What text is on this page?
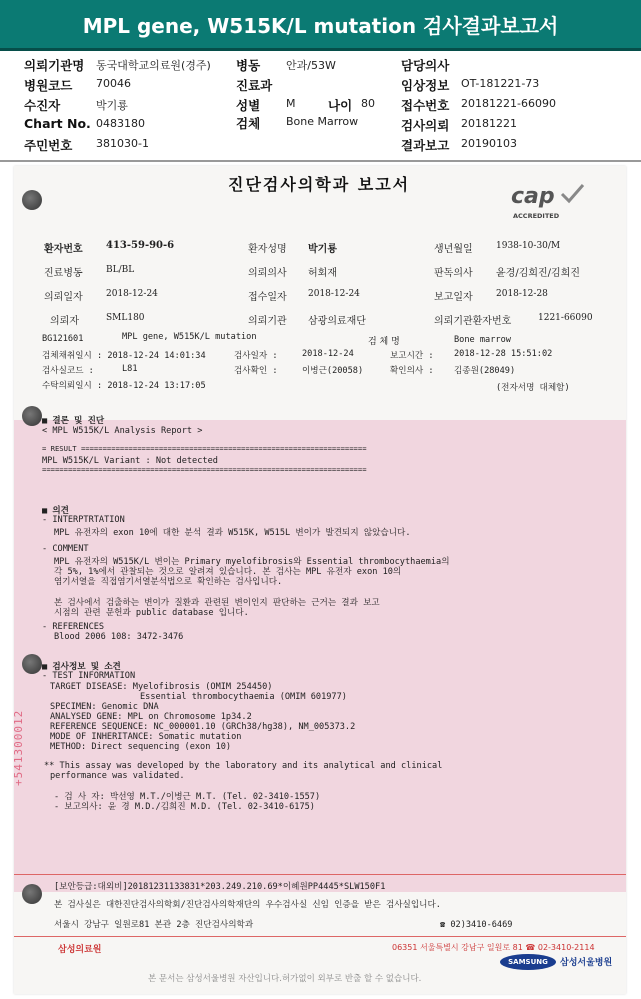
MPL gene, W515K/L mutation 검사결과보고서
의뢰기관명 동국대학교의료원(경주) 병동 안과/53W	담당의사
병원코드 70046	진료과	임상정보 OT-181221-73
수진자	박기룡	성별 M	나이 80 접수번호 20181221-66090
Chart No. 0483180	검체 Bone Marrow	검사의뢰 20181221
주민번호 381030-1	결과보고 20190103
진단검사의학과 보고서	cap
ACCREDITED
환자번호 413-59-90-6	환자성명 박기룡	생년월일	1938-10-30/M
진료병동	BL/BL	의뢰의사 허회재	판독의사 윤경/김희진/김희진
의뢰일자	2018-12-24	접수일자 2018-12-24	보고일자	2018-12-28
의뢰자	SML180	의뢰기관 삼광의료재단	의뢰기관환자번호	1221-66090
BG121601	MPL gene, W515K/L mutation	검 체 명	Bone marrow
검체채취일시 : 2018-12-24 14:01:34	검사일자 :	2018-12-24	보고시간 : 2018-12-28 15:51:02
검사실코드 :	L81	검사확인 :	이병근(20058)	확인의사 : 김종원(28049)
수탁의뢰일시 : 2018-12-24 13:17:05	(전자서명 대체함)
■ 결론 및 진단
< MPL W515K/L Analysis Report >
= RESULT ==================================================================
MPL W515K/L Variant : Not detected
===========================================================================
■ 의견
- INTERPTRTATION
MPL 유전자의 exon 10에 대한 분석 결과 W515K, W515L 변이가 발견되지 않았습니다.
- COMMENT
MPL 유전자의 W515K/L 변이는 Primary myelofibrosis와 Essential thrombocythaemia의
각 5%, 1%에서 관찰되는 것으로 알려져 있습니다. 본 검사는 MPL 유전자 exon 10의
염기서열을 직접염기서열분석법으로 확인하는 검사입니다.
본 검사에서 검출하는 변이가 질환과 관련된 변이인지 판단하는 근거는 결과 보고
시점의 관련 문헌과 public database 입니다.
- REFERENCES
Blood 2006 108: 3472-3476
■ 검사정보 및 소견
- TEST INFORMATION
TARGET DISEASE: Myelofibrosis (OMIM 254450)
Essential thrombocythaemia (OMIM 601977)
SPECIMEN: Genomic DNA
ANALYSED GENE: MPL on Chromosome 1p34.2
REFERENCE SEQUENCE: NC_000001.10 (GRCh38/hg38), NM_005373.2
MODE OF INHERITANCE: Somatic mutation
METHOD: Direct sequencing (exon 10)
** This assay was developed by the laboratory and its analytical and clinical
performance was validated.
- 검 사 자: 박선영 M.T./이병근 M.T. (Tel. 02-3410-1557)
- 보고의사: 윤 경 M.D./김희진 M.D. (Tel. 02-3410-6175)
+541300012
[보안등급:대외비]20181231133831*203.249.210.69*이혜원PP4445*SLW150F1
본 검사실은 대한진단검사의학회/진단검사의학재단의 우수검사실 신임 인증을 받은 검사실입니다.
서울시 강남구 일원로81 본관 2층 진단검사의학과	☎ 02)3410-6469
삼성의료원	06351 서울특별시 강남구 일원로 81 ☎ 02-3410-2114
SAMSUNG	삼성서울병원
본 문서는 삼성서울병원 자산입니다.허가없이 외부로 반출 할 수 없습니다.
